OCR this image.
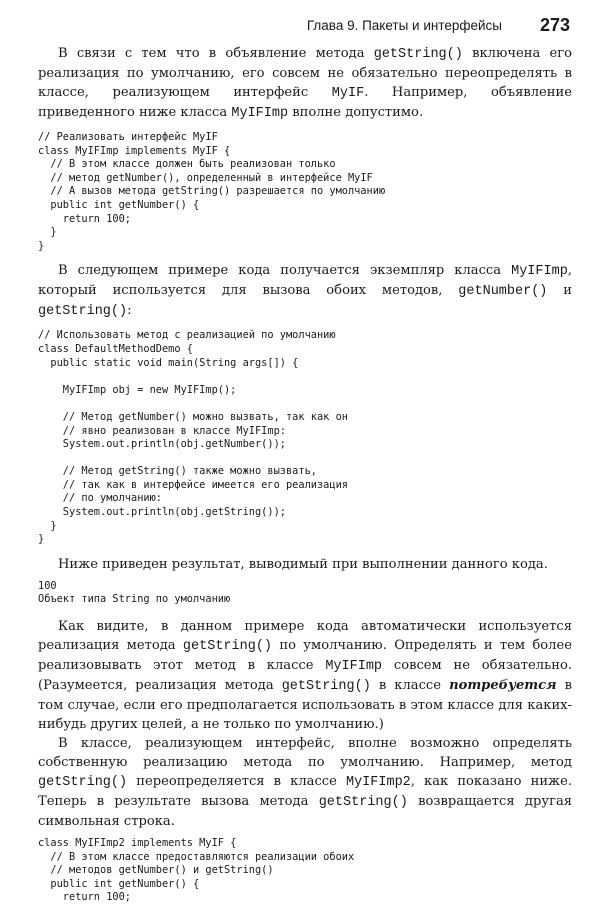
Глава 9. Пакеты и интерфейсы 273

В связи с тем что в объявление метода getString() включена его реализация по умолчанию, его совсем не обязательно переопределять в классе, реализующем интерфейс MyIF. Например, объявление приведенного ниже класса MyIFImp вполне допустимо.

// Реализовать интерфейс MyIF
class MyIFImp implements MyIF {
// В этом классе должен быть реализован только
// метод getNumber(), определенный в интерфейсе MyIF
// А вызов метода getString() разрешается по умолчанию
public int getNumber() {
return 100;
}
}

В следующем примере кода получается экземпляр класса MyIFImp, который используется для вызова обоих методов, getNumber() и getString():

// Использовать метод с реализацией по умолчанию
class DefaultMethodDemo {
public static void main(String args[]) {

MyIFImp obj = new MyIFImp();

// Метод getNumber() можно вызвать, так как он
// явно реализован в классе MyIFImp:
System.out.println(obj.getNumber());

// Метод getString() также можно вызвать,
// так как в интерфейсе имеется его реализация
// по умолчанию:
System.out.println(obj.getString());
}
}

Ниже приведен результат, выводимый при выполнении данного кода.

100
Объект типа String по умолчанию

Как видите, в данном примере кода автоматически используется реализация метода getString() по умолчанию. Определять и тем более реализовывать этот метод в классе MyIFImp совсем не обязательно. (Разумеется, реализация метода getString() в классе потребуется в том случае, если его предполагается использовать в этом классе для каких-нибудь других целей, а не только по умолчанию.)

В классе, реализующем интерфейс, вполне возможно определять собственную реализацию метода по умолчанию. Например, метод getString() переопределяется в классе MyIFImp2, как показано ниже. Теперь в результате вызова метода getString() возвращается другая символьная строка.

class MyIFImp2 implements MyIF {
// В этом классе предоставляются реализации обоих
// методов getNumber() и getString()
public int getNumber() {
return 100;
